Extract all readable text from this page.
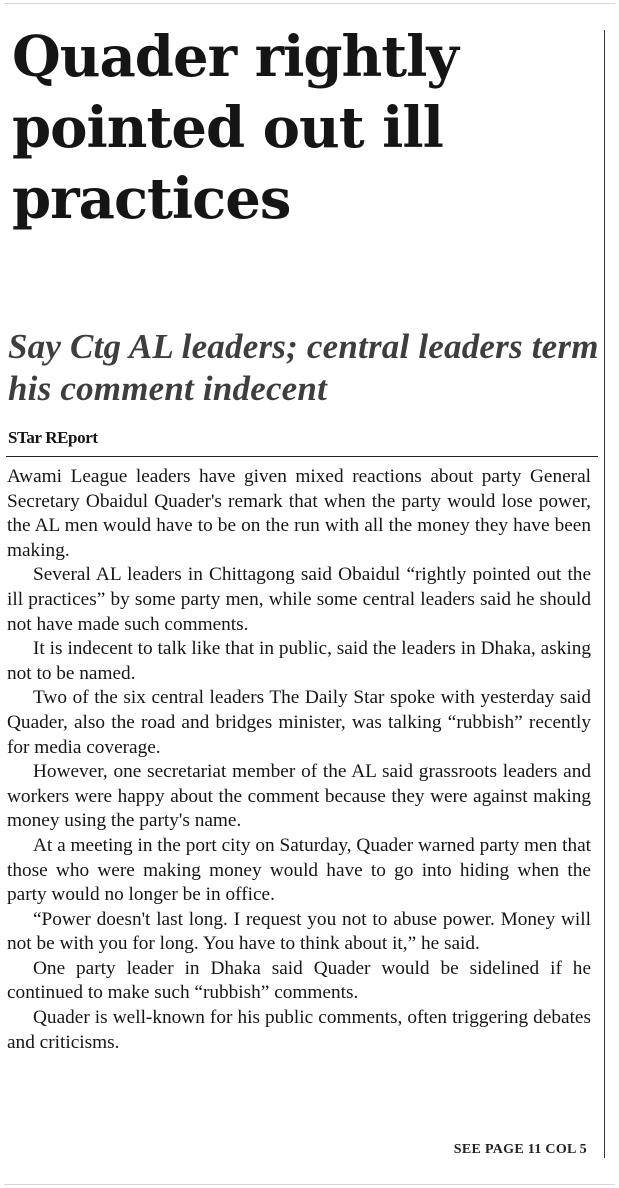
Quader rightly pointed out ill practices
Say Ctg AL leaders; central leaders term his comment indecent
STar REport

Awami League leaders have given mixed reactions about party General Secretary Obaidul Quader's remark that when the party would lose power, the AL men would have to be on the run with all the money they have been making.

Several AL leaders in Chittagong said Obaidul “rightly pointed out the ill practices” by some party men, while some central leaders said he should not have made such comments.

It is indecent to talk like that in public, said the leaders in Dhaka, asking not to be named.

Two of the six central leaders The Daily Star spoke with yesterday said Quader, also the road and bridges minister, was talking “rubbish” recently for media coverage.

However, one secretariat member of the AL said grassroots leaders and workers were happy about the comment because they were against making money using the party's name.

At a meeting in the port city on Saturday, Quader warned party men that those who were making money would have to go into hiding when the party would no longer be in office.

“Power doesn't last long. I request you not to abuse power. Money will not be with you for long. You have to think about it,” he said.

One party leader in Dhaka said Quader would be sidelined if he continued to make such “rubbish” comments.

Quader is well-known for his public comments, often triggering debates and criticisms.

SEE PAGE 11 COL 5
